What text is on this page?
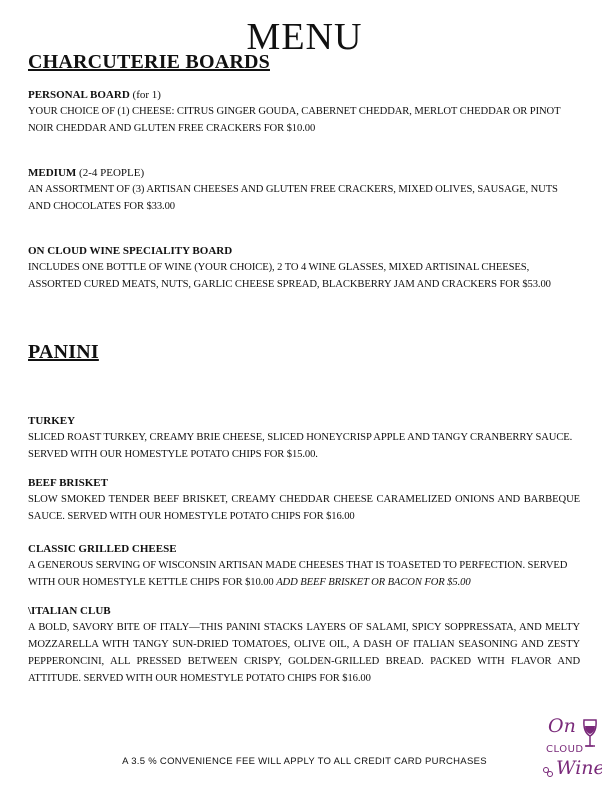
MENU
CHARCUTERIE BOARDS
PERSONAL BOARD (for 1)
YOUR CHOICE OF (1) CHEESE: CITRUS GINGER GOUDA, CABERNET CHEDDAR, MERLOT CHEDDAR OR PINOT NOIR CHEDDAR AND GLUTEN FREE CRACKERS FOR $10.00
MEDIUM (2-4 PEOPLE)
AN ASSORTMENT OF (3) ARTISAN CHEESES AND GLUTEN FREE CRACKERS, MIXED OLIVES, SAUSAGE, NUTS AND CHOCOLATES FOR $33.00
ON CLOUD WINE SPECIALITY BOARD
INCLUDES ONE BOTTLE OF WINE (YOUR CHOICE), 2 TO 4 WINE GLASSES, MIXED ARTISINAL CHEESES, ASSORTED CURED MEATS, NUTS, GARLIC CHEESE SPREAD, BLACKBERRY JAM AND CRACKERS FOR $53.00
PANINI
TURKEY
SLICED ROAST TURKEY, CREAMY BRIE CHEESE, SLICED HONEYCRISP APPLE AND TANGY CRANBERRY SAUCE. SERVED WITH OUR HOMESTYLE POTATO CHIPS FOR $15.00.
BEEF BRISKET
SLOW SMOKED TENDER BEEF BRISKET, CREAMY CHEDDAR CHEESE CARAMELIZED ONIONS AND BARBEQUE SAUCE. SERVED WITH OUR HOMESTYLE POTATO CHIPS FOR $16.00
CLASSIC GRILLED CHEESE
A GENEROUS SERVING OF WISCONSIN ARTISAN MADE CHEESES THAT IS TOASETED TO PERFECTION. SERVED WITH OUR HOMESTYLE KETTLE CHIPS FOR $10.00 ADD BEEF BRISKET OR BACON FOR $5.00
\ITALIAN CLUB
A BOLD, SAVORY BITE OF ITALY—THIS PANINI STACKS LAYERS OF SALAMI, SPICY SOPPRESSATA, AND MELTY MOZZARELLA WITH TANGY SUN-DRIED TOMATOES, OLIVE OIL, A DASH OF ITALIAN SEASONING AND ZESTY PEPPERONCINI, ALL PRESSED BETWEEN CRISPY, GOLDEN-GRILLED BREAD. PACKED WITH FLAVOR AND ATTITUDE. SERVED WITH OUR HOMESTYLE POTATO CHIPS FOR $16.00
On
CLOUD
Wine
A 3.5 % CONVENIENCE FEE WILL APPLY TO ALL CREDIT CARD PURCHASES
